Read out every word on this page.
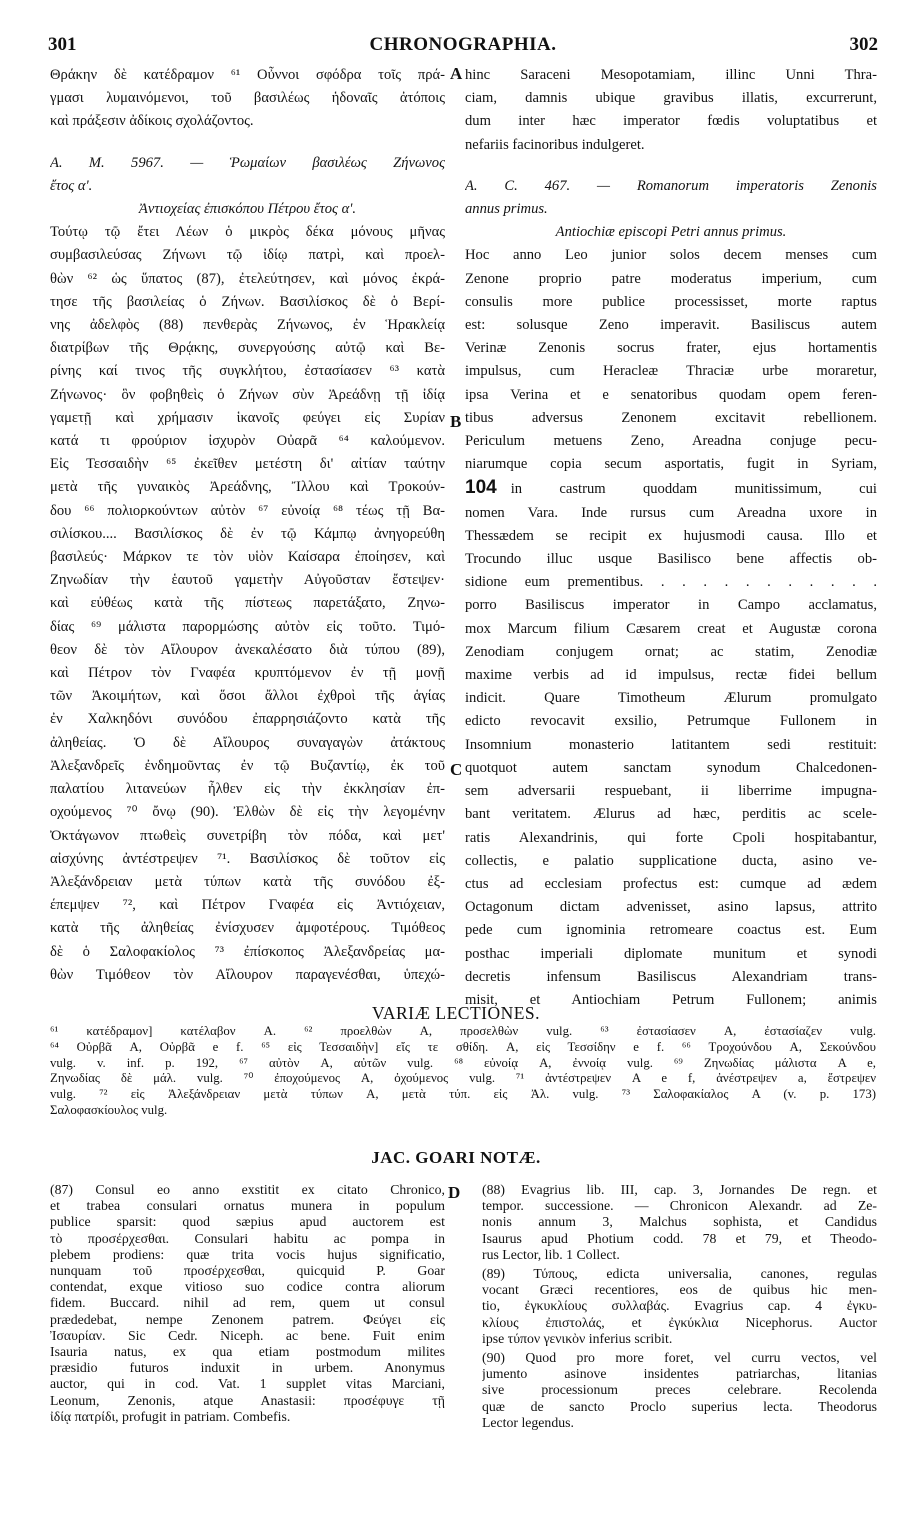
301	CHRONOGRAPHIA.	302
Θράκην δὲ κατέδραμον ⁶¹ Οὖννοι σφόδρα τοῖς πρά-
γμασι λυμαινόμενοι, τοῦ βασιλέως ἡδοναῖς ἀτόποις
καὶ πράξεσιν ἀδίκοις σχολάζοντος.
A. M. 5967. — Ῥωμαίων βασιλέως Ζήνωνος
ἔτος α'.
Ἀντιοχείας ἐπισκόπου Πέτρου ἔτος α'.
Τούτῳ τῷ ἔτει Λέων ὁ μικρὸς δέκα μόνους μῆνας
συμβασιλεύσας Ζήνωνι τῷ ἰδίῳ πατρὶ, καὶ προελ-
θὼν ⁶² ὡς ὕπατος (87), ἐτελεύτησεν, καὶ μόνος ἐκρά-
τησε τῆς βασιλείας ὁ Ζήνων. Βασιλίσκος δὲ ὁ Βερί-
νης ἀδελφὸς (88) πενθερὰς Ζήνωνος, ἐν Ἡρακλείᾳ
διατρίβων τῆς Θρᾴκης, συνεργούσης αὐτῷ καὶ Βε-
ρίνης καί τινος τῆς συγκλήτου, ἐστασίασεν ⁶³ κατὰ
Ζήνωνος· ὃν φοβηθεὶς ὁ Ζήνων σὺν Ἀρεάδνῃ τῇ ἰδίᾳ
γαμετῇ καὶ χρήμασιν ἱκανοῖς φεύγει εἰς Συρίαν
κατά τι φρούριον ἰσχυρὸν Οὐαρᾶ ⁶⁴ καλούμενον.
Εἰς Τεσσαιδὴν ⁶⁵ ἐκεῖθεν μετέστη δι' αἰτίαν ταύτην
μετὰ τῆς γυναικὸς Ἀρεάδνης, Ἴλλου καὶ Τροκούν-
δου ⁶⁶ πολιορκούντων αὐτὸν ⁶⁷ εὐνοίᾳ ⁶⁸ τέως τῇ Βα-
σιλίσκου.... Βασιλίσκος δὲ ἐν τῷ Κάμπῳ ἀνηγορεύθη
βασιλεύς· Μάρκον τε τὸν υἱὸν Καίσαρα ἐποίησεν, καὶ
Ζηνωδίαν τὴν ἑαυτοῦ γαμετὴν Αὐγοῦσταν ἔστεψεν·
καὶ εὐθέως κατὰ τῆς πίστεως παρετάξατο, Ζηνω-
δίας ⁶⁹ μάλιστα παρορμώσης αὐτὸν εἰς τοῦτο. Τιμό-
θεον δὲ τὸν Αἴλουρον ἀνεκαλέσατο διὰ τύπου (89),
καὶ Πέτρον τὸν Γναφέα κρυπτόμενον ἐν τῇ μονῇ
τῶν Ἀκοιμήτων, καὶ ὅσοι ἄλλοι ἐχθροὶ τῆς ἁγίας
ἐν Χαλκηδόνι συνόδου ἐπαρρησιάζοντο κατὰ τῆς
ἀληθείας. Ὁ δὲ Αἴλουρος συναγαγὼν ἀτάκτους
Ἀλεξανδρεῖς ἐνδημοῦντας ἐν τῷ Βυζαντίῳ, ἐκ τοῦ
παλατίου λιτανεύων ἦλθεν εἰς τὴν ἐκκλησίαν ἐπ-
οχούμενος ⁷⁰ ὄνῳ (90). Ἐλθὼν δὲ εἰς τὴν λεγομένην
Ὀκτάγωνον πτωθεὶς συνετρίβη τὸν πόδα, καὶ μετ'
αἰσχύνης ἀντέστρεψεν ⁷¹. Βασιλίσκος δὲ τοῦτον εἰς
Ἀλεξάνδρειαν μετὰ τύπων κατὰ τῆς συνόδου ἐξ-
έπεμψεν ⁷², καὶ Πέτρον Γναφέα εἰς Ἀντιόχειαν,
κατὰ τῆς ἀληθείας ἐνίσχυσεν ἀμφοτέρους. Τιμόθεος
δὲ ὁ Σαλοφακίολος ⁷³ ἐπίσκοπος Ἀλεξανδρείας μα-
θὼν Τιμόθεον τὸν Αἴλουρον παραγενέσθαι, ὑπεχώ-
hinc Saraceni Mesopotamiam, illinc Unni Thra-
ciam, damnis ubique gravibus illatis, excurrerunt,
dum inter hæc imperator fœdis voluptatibus et
nefariis facinoribus indulgeret.
A. C. 467. — Romanorum imperatoris Zenonis
annus primus.
Antiochiæ episcopi Petri annus primus.
Hoc anno Leo junior solos decem menses cum
Zenone proprio patre moderatus imperium, cum
consulis more publice processisset, morte raptus
est: solusque Zeno imperavit. Basiliscus autem
Verinæ Zenonis socrus frater, ejus hortamentis
impulsus, cum Heracleæ Thraciæ urbe moraretur,
ipsa Verina et e senatoribus quodam opem feren-
tibus adversus Zenonem excitavit rebellionem.
Periculum metuens Zeno, Areadna conjuge pecu-
niarumque copia secum asportatis, fugit in Syriam,
104 in castrum quoddam munitissimum, cui
nomen Vara. Inde rursus cum Areadna uxore in
Thessædem se recipit ex hujusmodi causa. Illo et
Trocundo illuc usque Basilisco bene affectis ob-
sidione eum prementibus. . . . . . . . . . . .
porro Basiliscus imperator in Campo acclamatus,
mox Marcum filium Cæsarem creat et Augustæ corona
Zenodiam conjugem ornat; ac statim, Zenodiæ
maxime verbis ad id impulsus, rectæ fidei bellum
indicit. Quare Timotheum Ælurum promulgato
edicto revocavit exsilio, Petrumque Fullonem in
Insomnium monasterio latitantem sedi restituit:
quotquot autem sanctam synodum Chalcedonen-
sem adversarii respuebant, ii liberrime impugna-
bant veritatem. Ælurus ad hæc, perditis ac scele-
ratis Alexandrinis, qui forte Cpoli hospitabantur,
collectis, e palatio supplicatione ducta, asino ve-
ctus ad ecclesiam profectus est: cumque ad ædem
Octagonum dictam advenisset, asino lapsus, attrito
pede cum ignominia retromeare coactus est. Eum
posthac imperiali diplomate munitum et synodi
decretis infensum Basiliscus Alexandriam trans-
misit, et Antiochiam Petrum Fullonem; animis
A
B
C
D
VARIÆ LECTIONES.
⁶¹ κατέδραμον] κατέλαβον A. ⁶² προελθὼν A, προσελθὼν vulg. ⁶³ ἐστασίασεν A, ἐστασίαζεν vulg.
⁶⁴ Οὐρβᾶ A, Οὐρβᾶ e f. ⁶⁵ εἰς Τεσσαιδὴν] εἴς τε σθίδη. A, εἰς Τεσσίδην e f. ⁶⁶ Τροχούνδου A, Σεκούνδου
vulg. v. inf. p. 192, ⁶⁷ αὐτὸν A, αὐτῶν vulg. ⁶⁸ εὐνοίᾳ A, ἐννοίᾳ vulg. ⁶⁹ Ζηνωδίας μάλιστα A e,
Ζηνωδίας δὲ μάλ. vulg. ⁷⁰ ἐποχούμενος A, ὀχούμενος vulg. ⁷¹ ἀντέστρεψεν A e f, ἀνέστρεψεν a, ἔστρεψεν
vulg. ⁷² εἰς Ἀλεξάνδρειαν μετὰ τύπων A, μετὰ τύπ. εἰς Ἀλ. vulg. ⁷³ Σαλοφακίαλος A (v. p. 173)
Σαλοφασκίουλος vulg.
JAC. GOARI NOTÆ.
(87) Consul eo anno exstitit ex citato Chronico,
et trabea consulari ornatus munera in populum
publice sparsit: quod sæpius apud auctorem est
τὸ προσέρχεσθαι. Consulari habitu ac pompa in
plebem prodiens: quæ trita vocis hujus significatio,
nunquam τοῦ προσέρχεσθαι, quicquid P. Goar
contendat, exque vitioso suo codice contra aliorum
fidem. Buccard. nihil ad rem, quem ut consul
prædedebat, nempe Zenonem patrem. Φεύγει εἰς
Ἰσαυρίαν. Sic Cedr. Niceph. ac bene. Fuit enim
Isauria natus, ex qua etiam postmodum milites
præsidio futuros induxit in urbem. Anonymus
auctor, qui in cod. Vat. 1 supplet vitas Marciani,
Leonum, Zenonis, atque Anastasii: προσέφυγε τῇ
ἰδίᾳ πατρίδι, profugit in patriam. Combefis.
(88) Evagrius lib. III, cap. 3, Jornandes De regn. et
tempor. successione. — Chronicon Alexandr. ad Ze-
nonis annum 3, Malchus sophista, et Candidus
Isaurus apud Photium codd. 78 et 79, et Theodo-
rus Lector, lib. 1 Collect.
(89) Τύπους, edicta universalia, canones, regulas
vocant Græci recentiores, eos de quibus hic men-
tio, ἐγκυκλίους συλλαβάς. Evagrius cap. 4 ἐγκυ-
κλίους ἐπιστολάς, et ἐγκύκλια Nicephorus. Auctor
ipse τύπον γενικὸν inferius scribit.
(90) Quod pro more foret, vel curru vectos, vel
jumento asinove insidentes patriarchas, litanias
sive processionum preces celebrare. Recolenda
quæ de sancto Proclo superius lecta. Theodorus
Lector legendus.
